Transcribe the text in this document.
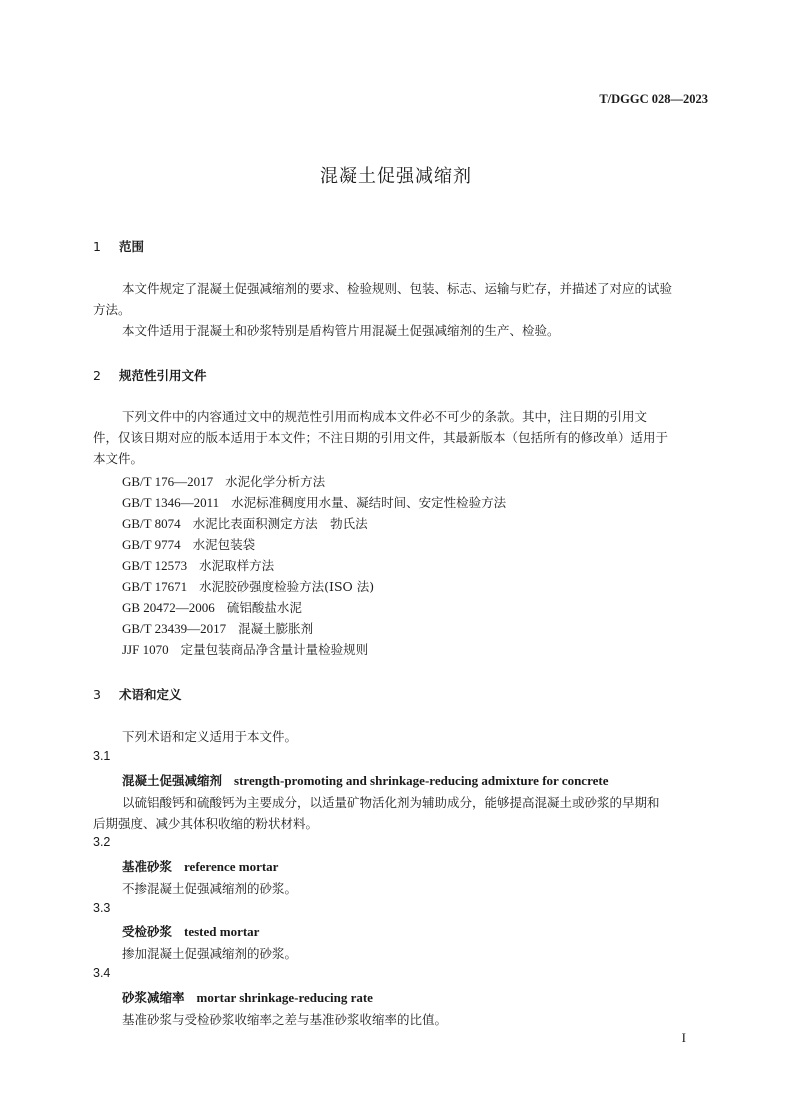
T/DGGC 028—2023
混凝土促强减缩剂
1 范围
本文件规定了混凝土促强减缩剂的要求、检验规则、包装、标志、运输与贮存，并描述了对应的试验
方法。
本文件适用于混凝土和砂浆特别是盾构管片用混凝土促强减缩剂的生产、检验。
2 规范性引用文件
下列文件中的内容通过文中的规范性引用而构成本文件必不可少的条款。其中，注日期的引用文
件，仅该日期对应的版本适用于本文件；不注日期的引用文件，其最新版本（包括所有的修改单）适用于
本文件。
GB/T 176—2017 水泥化学分析方法
GB/T 1346—2011 水泥标准稠度用水量、凝结时间、安定性检验方法
GB/T 8074 水泥比表面积测定方法　勃氏法
GB/T 9774 水泥包装袋
GB/T 12573 水泥取样方法
GB/T 17671 水泥胶砂强度检验方法(ISO 法)
GB 20472—2006 硫铝酸盐水泥
GB/T 23439—2017 混凝土膨胀剂
JJF 1070 定量包装商品净含量计量检验规则
3 术语和定义
下列术语和定义适用于本文件。
3.1
混凝土促强减缩剂 strength-promoting and shrinkage-reducing admixture for concrete
以硫铝酸钙和硫酸钙为主要成分，以适量矿物活化剂为辅助成分，能够提高混凝土或砂浆的早期和
后期强度、减少其体积收缩的粉状材料。
3.2
基准砂浆 reference mortar
不掺混凝土促强减缩剂的砂浆。
3.3
受检砂浆 tested mortar
掺加混凝土促强减缩剂的砂浆。
3.4
砂浆减缩率 mortar shrinkage-reducing rate
基准砂浆与受检砂浆收缩率之差与基准砂浆收缩率的比值。
I
